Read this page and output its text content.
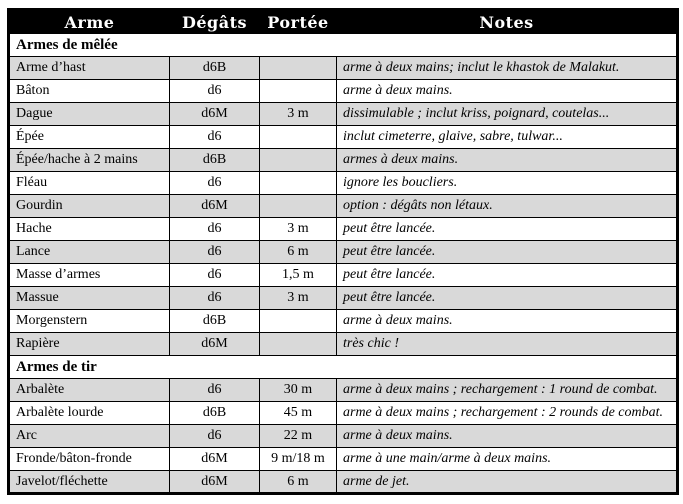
Arme	Dégâts	Portée	Notes
Armes de mêlée			
Arme d’hast	d6B		arme à deux mains; inclut le khastok de Malakut.
Bâton	d6		arme à deux mains.
Dague	d6M	3 m	dissimulable ; inclut kriss, poignard, coutelas...
Épée	d6		inclut cimeterre, glaive, sabre, tulwar...
Épée/hache à 2 mains	d6B		armes à deux mains.
Fléau	d6		ignore les boucliers.
Gourdin	d6M		option : dégâts non létaux.
Hache	d6	3 m	peut être lancée.
Lance	d6	6 m	peut être lancée.
Masse d’armes	d6	1,5 m	peut être lancée.
Massue	d6	3 m	peut être lancée.
Morgenstern	d6B		arme à deux mains.
Rapière	d6M		très chic !
Armes de tir			
Arbalète	d6	30 m	arme à deux mains ; rechargement : 1 round de combat.
Arbalète lourde	d6B	45 m	arme à deux mains ; rechargement : 2 rounds de combat.
Arc	d6	22 m	arme à deux mains.
Fronde/bâton-fronde	d6M	9 m/18 m	arme à une main/arme à deux mains.
Javelot/fléchette	d6M	6 m	arme de jet.
